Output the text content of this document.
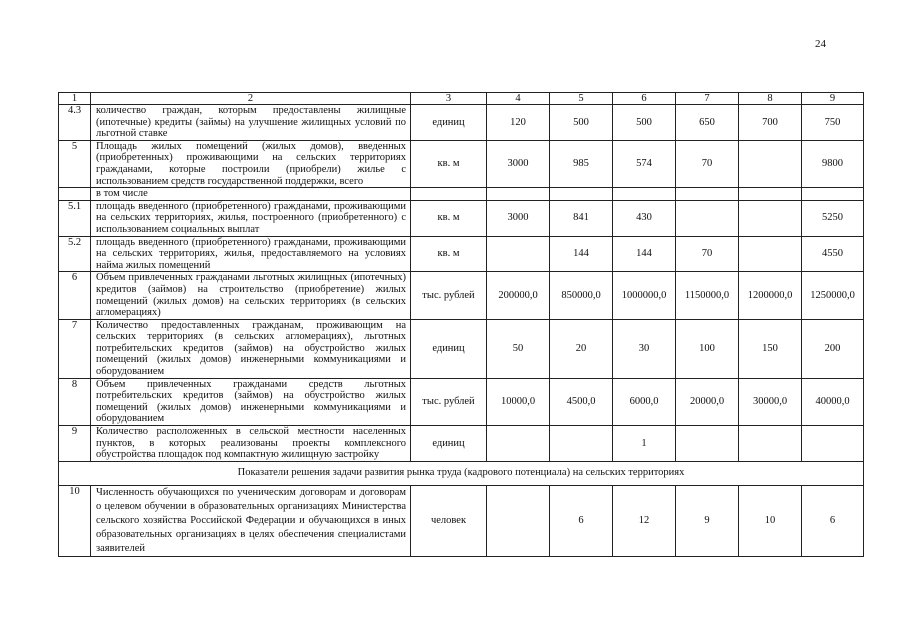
24
1	2	3	4	5	6	7	8	9
4.3	количество граждан, которым предоставлены жилищные (ипотечные) кредиты (займы) на улучшение жилищных условий по льготной ставке	единиц	120	500	500	650	700	750
5	Площадь жилых помещений (жилых домов), введенных (приобретенных) проживающими на сельских территориях гражданами, которые построили (приобрели) жилье с использованием средств государственной поддержки, всего	кв. м	3000	985	574	70		9800
	в том числе							
5.1	площадь введенного (приобретенного) гражданами, проживающими на сельских территориях, жилья, построенного (приобретенного) с использованием социальных выплат	кв. м	3000	841	430			5250
5.2	площадь введенного (приобретенного) гражданами, проживающими на сельских территориях, жилья, предоставляемого на условиях найма жилых помещений	кв. м		144	144	70		4550
6	Объем привлеченных гражданами льготных жилищных (ипотечных) кредитов (займов) на строительство (приобретение) жилых помещений (жилых домов) на сельских территориях (в сельских агломерациях)	тыс. рублей	200000,0	850000,0	1000000,0	1150000,0	1200000,0	1250000,0
7	Количество предоставленных гражданам, проживающим на сельских территориях (в сельских агломерациях), льготных потребительских кредитов (займов) на обустройство жилых помещений (жилых домов) инженерными коммуникациями и оборудованием	единиц	50	20	30	100	150	200
8	Объем привлеченных гражданами средств льготных потребительских кредитов (займов) на обустройство жилых помещений (жилых домов) инженерными коммуникациями и оборудованием	тыс. рублей	10000,0	4500,0	6000,0	20000,0	30000,0	40000,0
9	Количество расположенных в сельской местности населенных пунктов, в которых реализованы проекты комплексного обустройства площадок под компактную жилищную застройку	единиц			1			
Показатели решения задачи развития рынка труда (кадрового потенциала) на сельских территориях								
10	Численность обучающихся по ученическим договорам и договорам о целевом обучении в образовательных организациях Министерства сельского хозяйства Российской Федерации и обучающихся в иных образовательных организациях в целях обеспечения специалистами заявителей	человек		6	12	9	10	6
